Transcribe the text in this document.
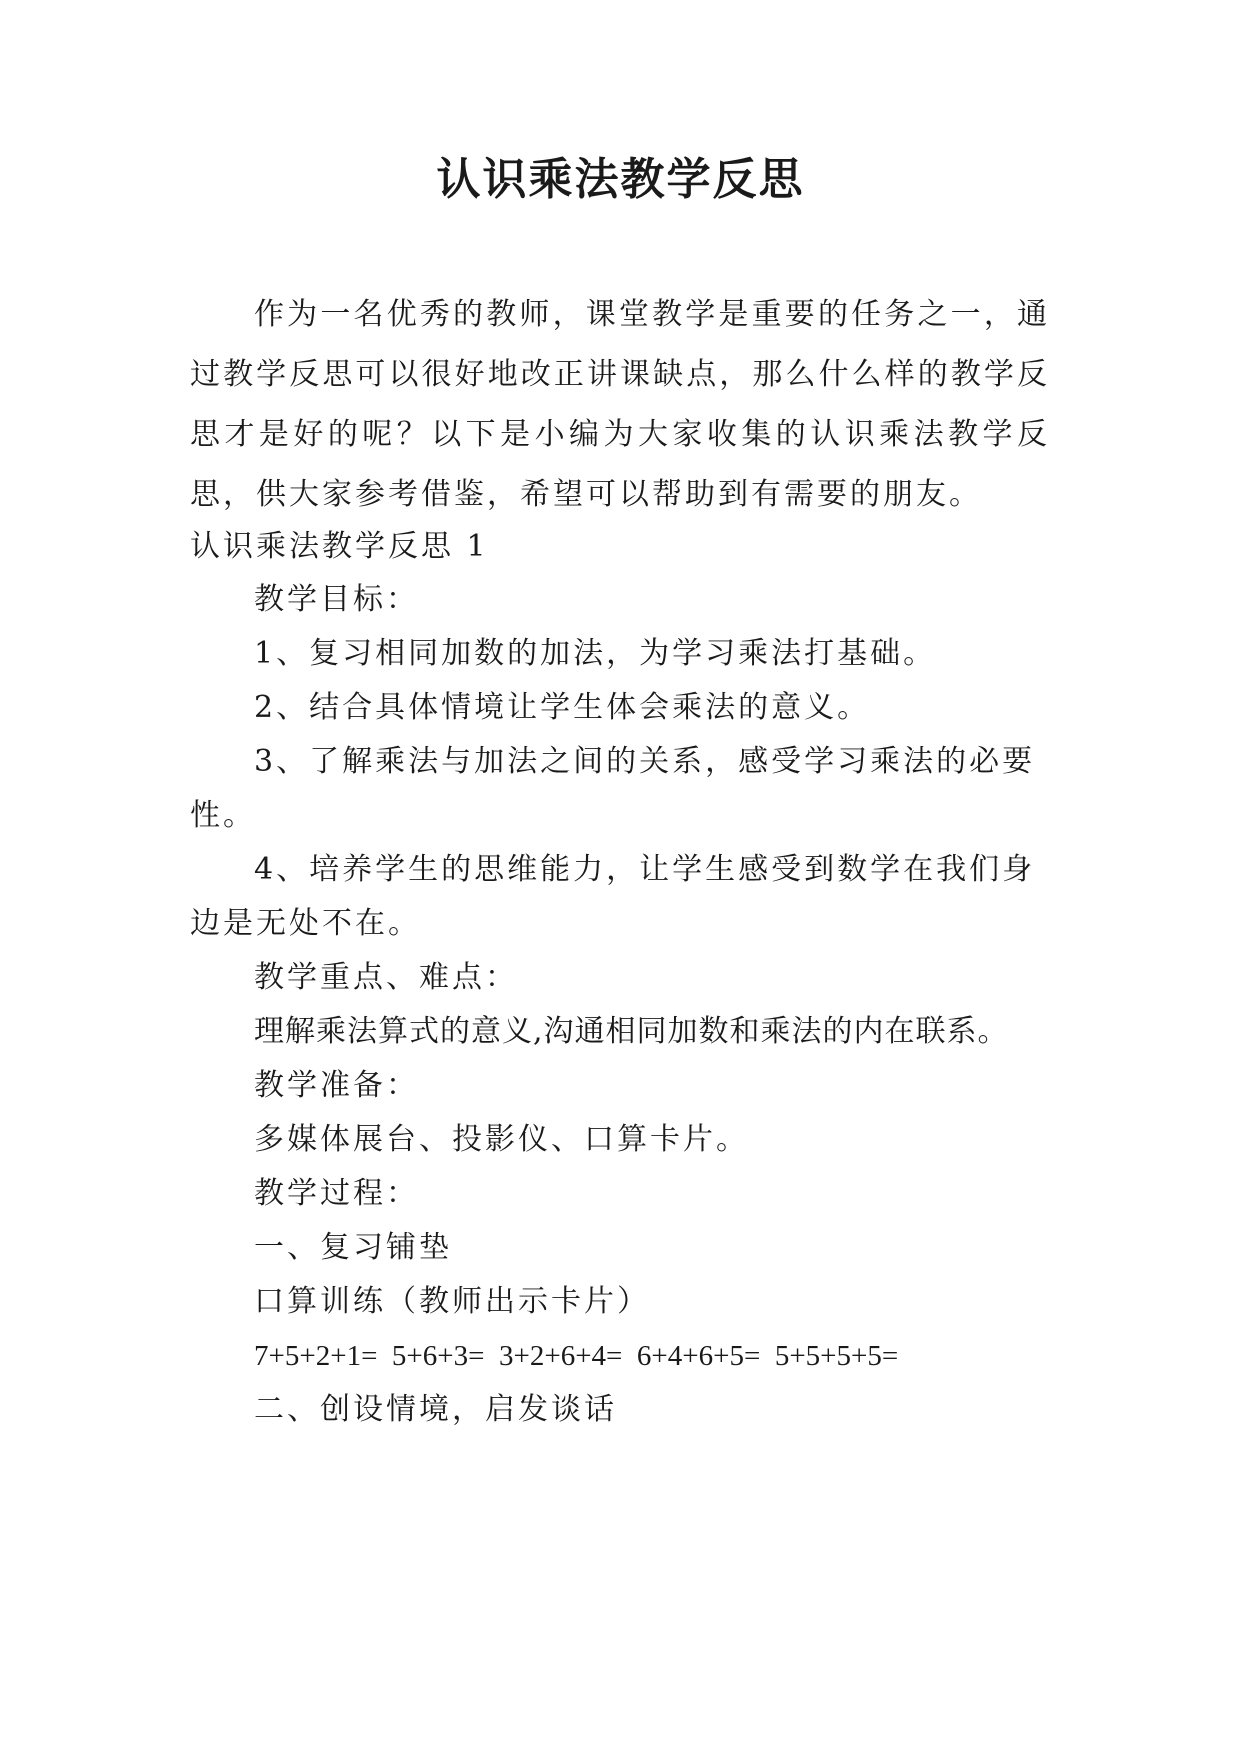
认识乘法教学反思
作为一名优秀的教师，课堂教学是重要的任务之一，通过教学反思可以很好地改正讲课缺点，那么什么样的教学反思才是好的呢？以下是小编为大家收集的认识乘法教学反思，供大家参考借鉴，希望可以帮助到有需要的朋友。
认识乘法教学反思 1
教学目标：
1、复习相同加数的加法，为学习乘法打基础。
2、结合具体情境让学生体会乘法的意义。
3、了解乘法与加法之间的关系，感受学习乘法的必要
性。
4、培养学生的思维能力，让学生感受到数学在我们身
边是无处不在。
教学重点、难点：
理解乘法算式的意义,沟通相同加数和乘法的内在联系。
教学准备：
多媒体展台、投影仪、口算卡片。
教学过程：
一、复习铺垫
口算训练（教师出示卡片）
7+5+2+1=  5+6+3=  3+2+6+4=  6+4+6+5=  5+5+5+5=
二、创设情境，启发谈话
